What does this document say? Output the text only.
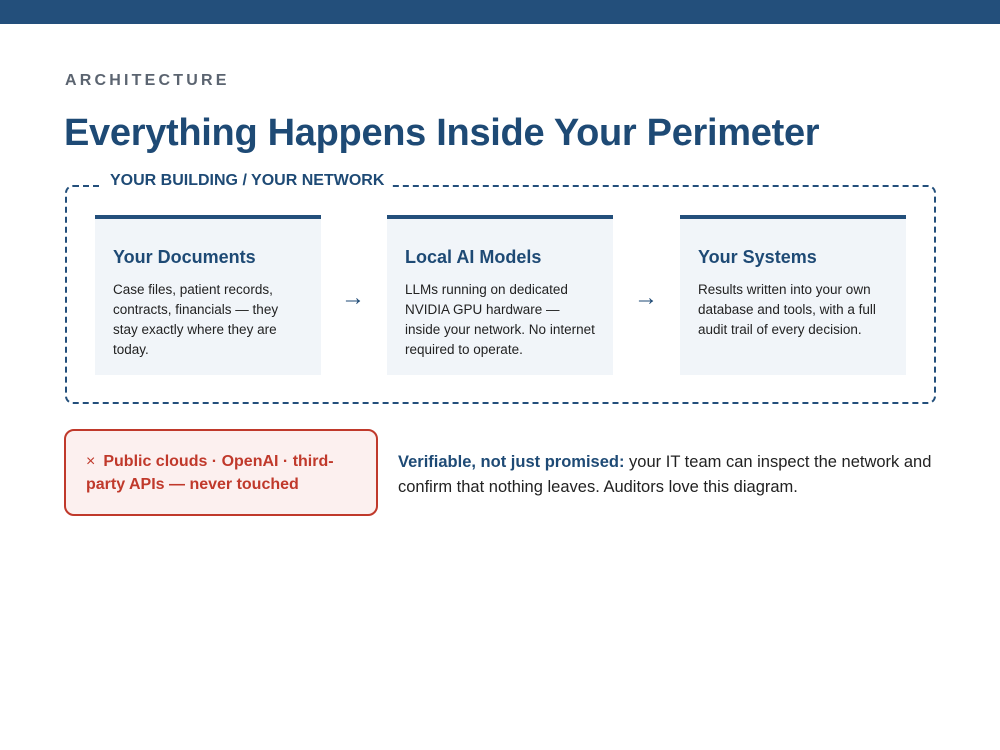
ARCHITECTURE
Everything Happens Inside Your Perimeter
YOUR BUILDING / YOUR NETWORK
Your Documents

Case files, patient records, contracts, financials — they stay exactly where they are today.

→
Local AI Models

LLMs running on dedicated NVIDIA GPU hardware — inside your network. No internet required to operate.

→
Your Systems

Results written into your own database and tools, with a full audit trail of every decision.

× Public clouds · OpenAI · third-party APIs — never touched

Verifiable, not just promised: your IT team can inspect the network and confirm that nothing leaves. Auditors love this diagram.
